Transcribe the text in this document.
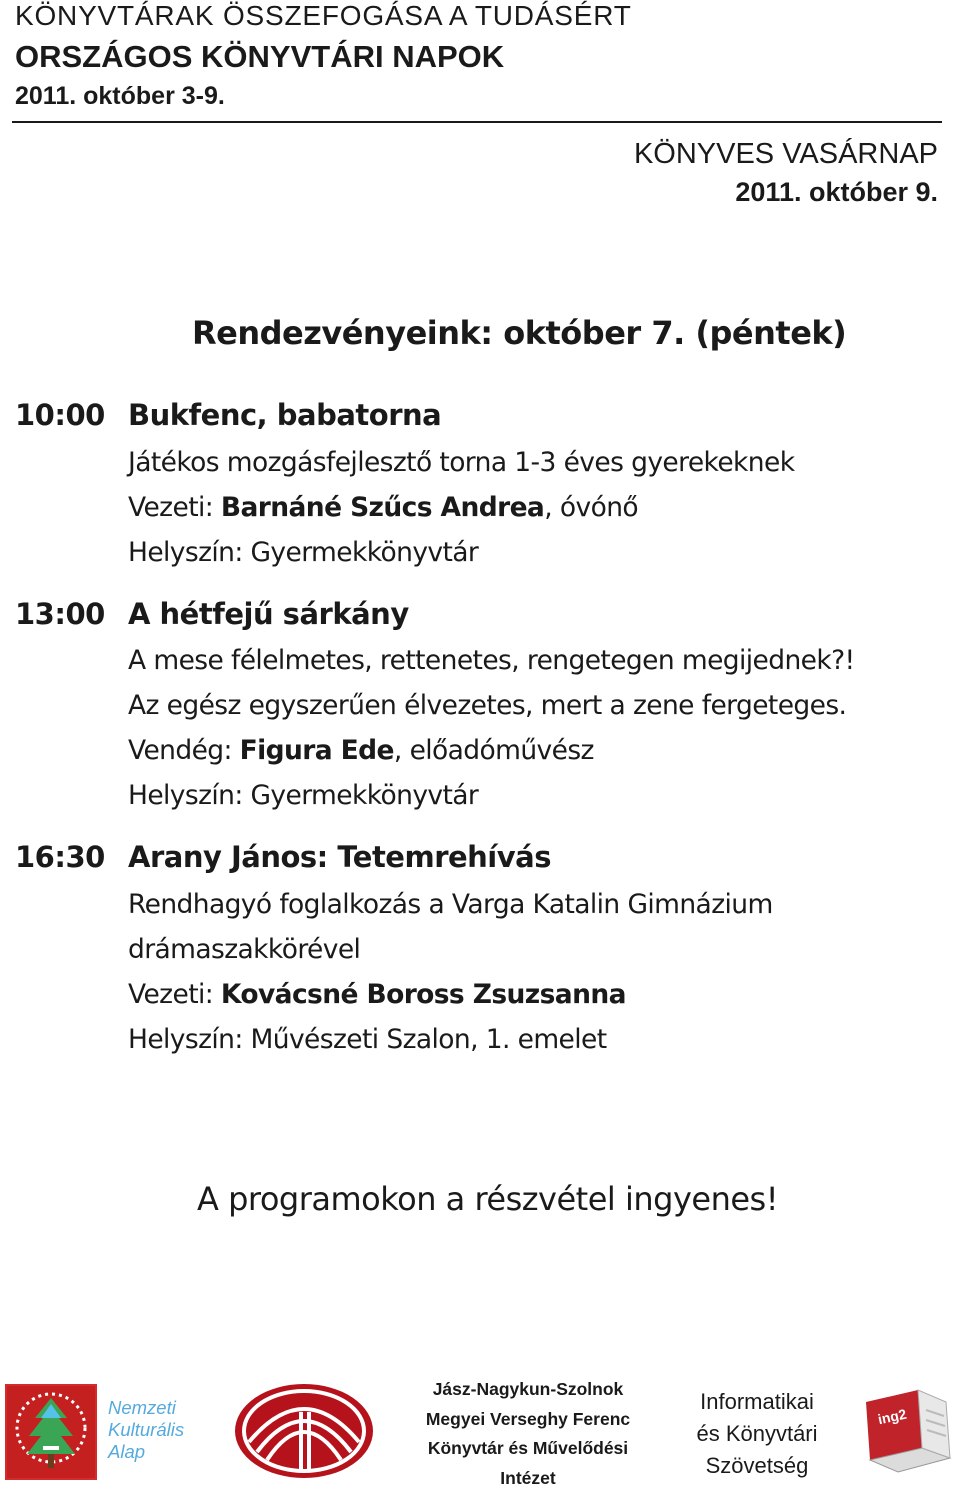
KÖNYVTÁRAK ÖSSZEFOGÁSA A TUDÁSÉRT
ORSZÁGOS KÖNYVTÁRI NAPOK
2011. október 3-9.
KÖNYVES VASÁRNAP
2011. október 9.
Rendezvényeink: október 7. (péntek)
10:00 Bukfenc, babatorna
Játékos mozgásfejlesztő torna 1-3 éves gyerekeknek
Vezeti: Barnáné Szűcs Andrea, óvónő
Helyszín: Gyermekkönyvtár
13:00 A hétfejű sárkány
A mese félelmetes, rettenetes, rengetegen megijednek?!
Az egész egyszerűen élvezetes, mert a zene fergeteges.
Vendég: Figura Ede, előadóművész
Helyszín: Gyermekkönyvtár
16:30 Arany János: Tetemrehívás
Rendhagyó foglalkozás a Varga Katalin Gimnázium
drámaszakkörével
Vezeti: Kovácsné Boross Zsuzsanna
Helyszín: Művészeti Szalon, 1. emelet
A programokon a részvétel ingyenes!
Nemzeti
Kulturális
Alap
Jász-Nagykun-Szolnok
Megyei Verseghy Ferenc
Könyvtár és Művelődési
Intézet
Informatikai
és Könyvtári
Szövetség
ing2
